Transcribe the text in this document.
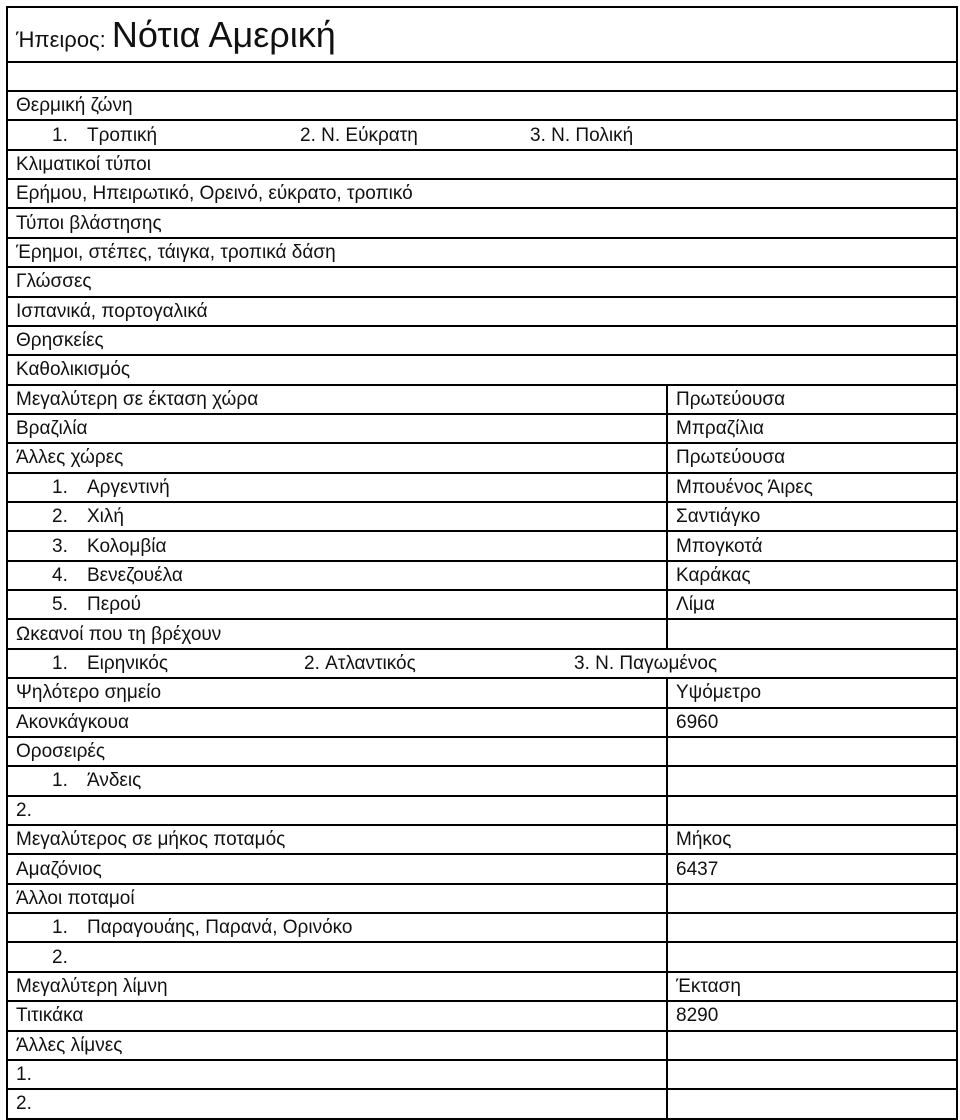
Ήπειρος: Νότια Αμερική	

Θερμική ζώνη	
1. Τροπική 2. Ν. Εύκρατη 3. Ν. Πολική	
Κλιματικοί τύποι	
Ερήμου, Ηπειρωτικό, Ορεινό, εύκρατο, τροπικό	
Τύποι βλάστησης	
Έρημοι, στέπες, τάιγκα, τροπικά δάση	
Γλώσσες	
Ισπανικά, πορτογαλικά	
Θρησκείες	
Καθολικισμός	
Μεγαλύτερη σε έκταση χώρα	Πρωτεύουσα
Βραζιλία	Μπραζίλια
Άλλες χώρες	Πρωτεύουσα
1. Αργεντινή	Μπουένος Άιρες
2. Χιλή	Σαντιάγκο
3. Κολομβία	Μπογκοτά
4. Βενεζουέλα	Καράκας
5. Περού	Λίμα
Ωκεανοί που τη βρέχουν	
1. Ειρηνικός 2. Ατλαντικός 3. Ν. Παγωμένος	
Ψηλότερο σημείο	Υψόμετρο
Ακονκάγκουα	6960
Οροσειρές	
1. Άνδεις	
2.	
Μεγαλύτερος σε μήκος ποταμός	Μήκος
Αμαζόνιος	6437
Άλλοι ποταμοί	
1. Παραγουάης, Παρανά, Ορινόκο	
2.	
Μεγαλύτερη λίμνη	Έκταση
Τιτικάκα	8290
Άλλες λίμνες	
1.	
2.	
